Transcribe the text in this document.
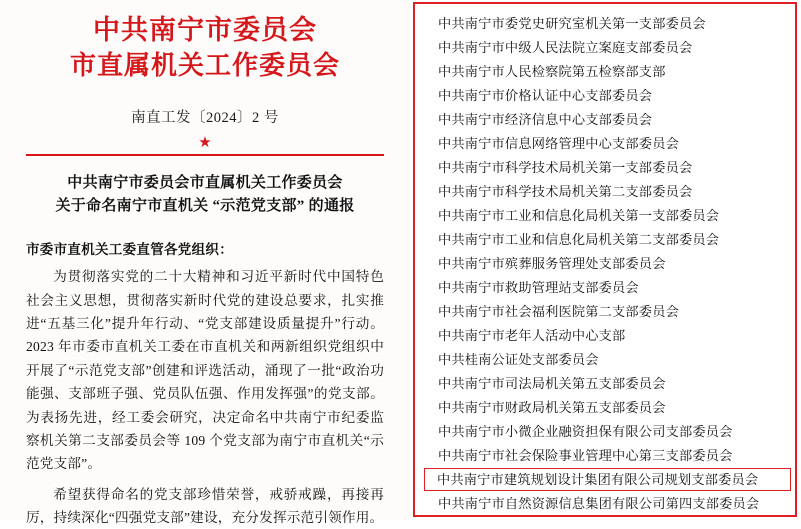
中共南宁市委员会
市直属机关工作委员会
南直工发〔2024〕2 号
★
中共南宁市委员会市直属机关工作委员会
关于命名南宁市直机关 “示范党支部” 的通报
市委市直机关工委直管各党组织：
为贯彻落实党的二十大精神和习近平新时代中国特色社会主义思想，贯彻落实新时代党的建设总要求，扎实推进“五基三化”提升年行动、“党支部建设质量提升”行动。2023 年市委市直机关工委在市直机关和两新组织党组织中开展了“示范党支部”创建和评选活动，涌现了一批“政治功能强、支部班子强、党员队伍强、作用发挥强”的党支部。为表扬先进，经工委会研究，决定命名中共南宁市纪委监察机关第二支部委员会等 109 个党支部为南宁市直机关“示范党支部”。
希望获得命名的党支部珍惜荣誉，戒骄戒躁，再接再厉，持续深化“四强党支部”建设，充分发挥示范引领作用。
中共南宁市委党史研究室机关第一支部委员会
中共南宁市中级人民法院立案庭支部委员会
中共南宁市人民检察院第五检察部支部
中共南宁市价格认证中心支部委员会
中共南宁市经济信息中心支部委员会
中共南宁市信息网络管理中心支部委员会
中共南宁市科学技术局机关第一支部委员会
中共南宁市科学技术局机关第二支部委员会
中共南宁市工业和信息化局机关第一支部委员会
中共南宁市工业和信息化局机关第二支部委员会
中共南宁市殡葬服务管理处支部委员会
中共南宁市救助管理站支部委员会
中共南宁市社会福利医院第二支部委员会
中共南宁市老年人活动中心支部
中共桂南公证处支部委员会
中共南宁市司法局机关第五支部委员会
中共南宁市财政局机关第五支部委员会
中共南宁市小微企业融资担保有限公司支部委员会
中共南宁市社会保险事业管理中心第三支部委员会
中共南宁市建筑规划设计集团有限公司规划支部委员会
中共南宁市自然资源信息集团有限公司第四支部委员会
